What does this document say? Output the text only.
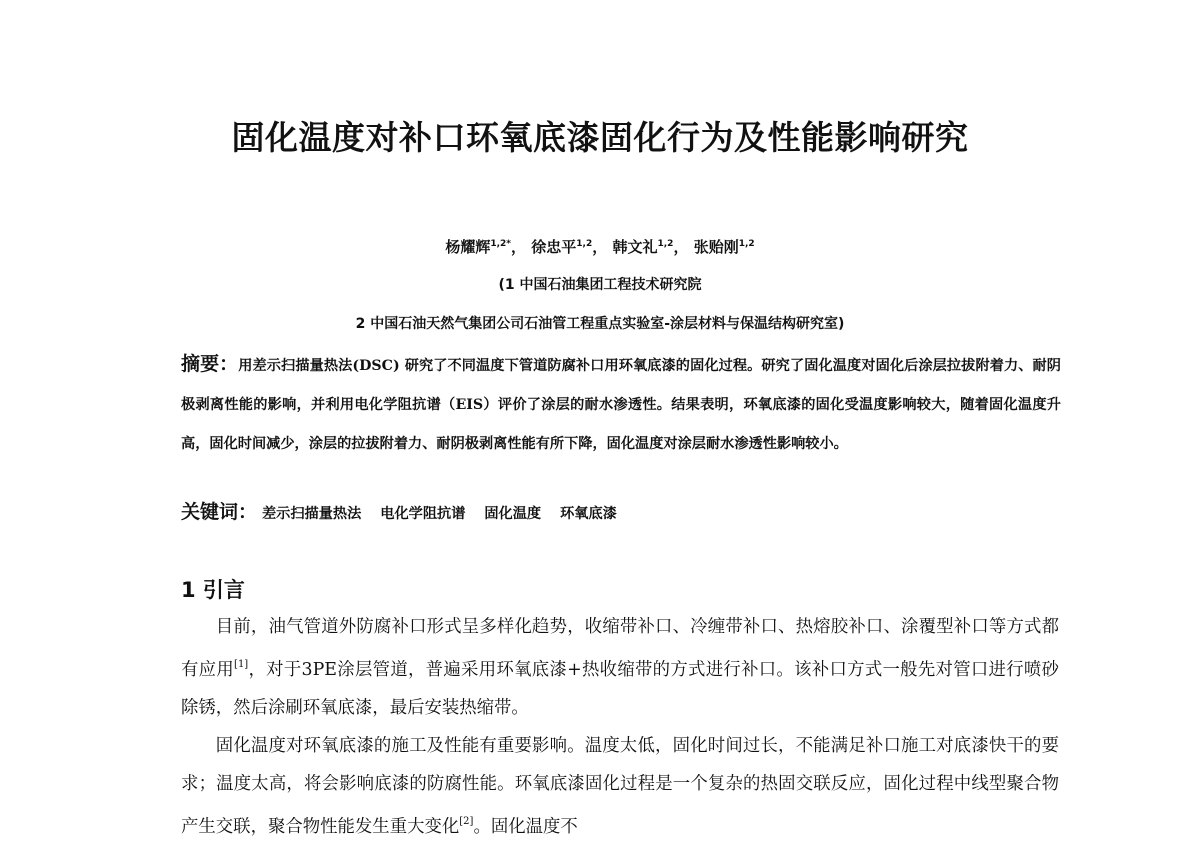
固化温度对补口环氧底漆固化行为及性能影响研究
杨耀辉$^{1,2*}$， 徐忠平$^{1,2}$， 韩文礼$^{1,2}$， 张贻刚$^{1,2}$
(1 中国石油集团工程技术研究院
2 中国石油天然气集团公司石油管工程重点实验室-涂层材料与保温结构研究室)
摘要：用差示扫描量热法(DSC) 研究了不同温度下管道防腐补口用环氧底漆的固化过程。研究了固化温度对固化后涂层拉拔附着力、耐阴极剥离性能的影响，并利用电化学阻抗谱（EIS）评价了涂层的耐水渗透性。结果表明，环氧底漆的固化受温度影响较大，随着固化温度升高，固化时间减少，涂层的拉拔附着力、耐阴极剥离性能有所下降，固化温度对涂层耐水渗透性影响较小。
关键词： 差示扫描量热法 电化学阻抗谱 固化温度 环氧底漆
1 引言

目前，油气管道外防腐补口形式呈多样化趋势，收缩带补口、冷缠带补口、热熔胶补口、涂覆型补口等方式都有应用[1]，对于3PE涂层管道，普遍采用环氧底漆+热收缩带的方式进行补口。该补口方式一般先对管口进行喷砂除锈，然后涂刷环氧底漆，最后安装热缩带。

固化温度对环氧底漆的施工及性能有重要影响。温度太低，固化时间过长，不能满足补口施工对底漆快干的要求；温度太高，将会影响底漆的防腐性能。环氧底漆固化过程是一个复杂的热固交联反应，固化过程中线型聚合物产生交联，聚合物性能发生重大变化[2]。固化温度不
